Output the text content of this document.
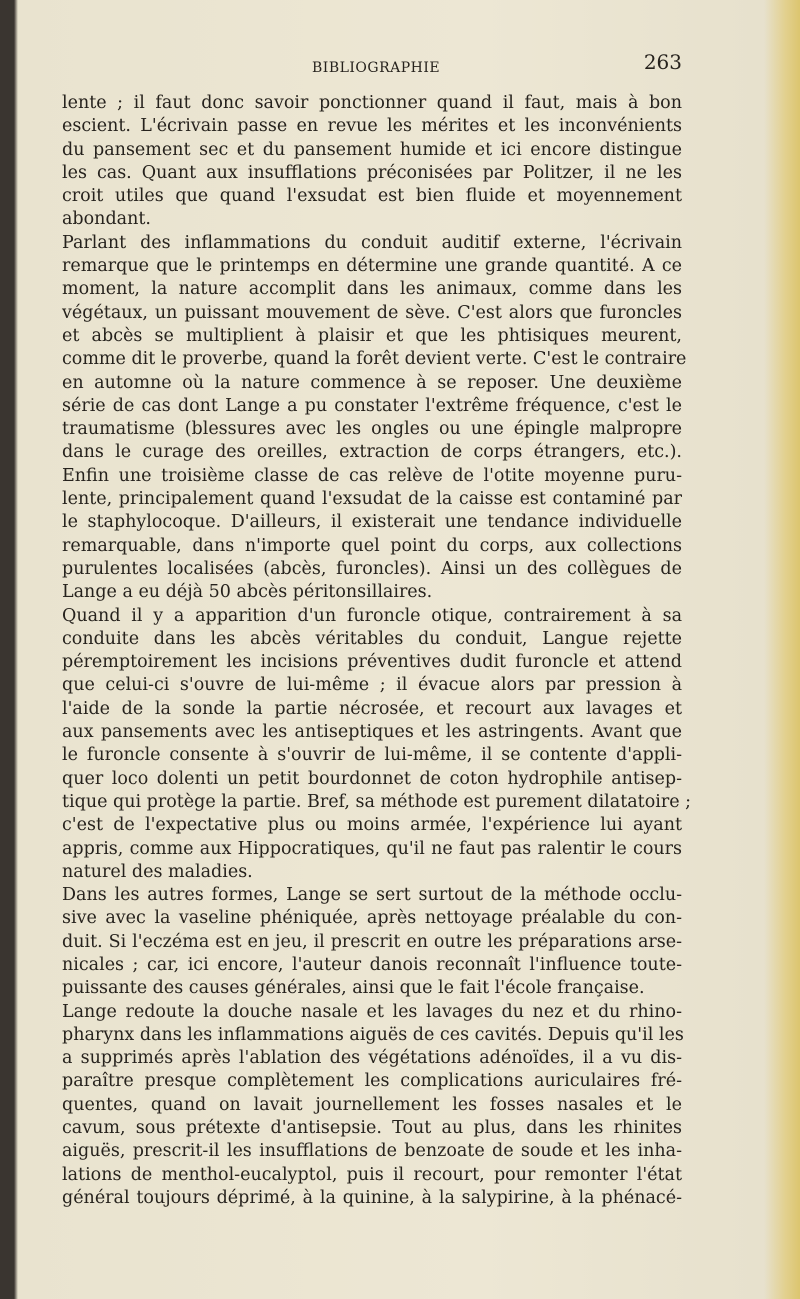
BIBLIOGRAPHIE	263
lente ; il faut donc savoir ponctionner quand il faut, mais à bon
escient. L'écrivain passe en revue les mérites et les inconvénients
du pansement sec et du pansement humide et ici encore distingue
les cas. Quant aux insufflations préconisées par Politzer, il ne les
croit utiles que quand l'exsudat est bien fluide et moyennement
abondant.
Parlant des inflammations du conduit auditif externe, l'écrivain
remarque que le printemps en détermine une grande quantité. A ce
moment, la nature accomplit dans les animaux, comme dans les
végétaux, un puissant mouvement de sève. C'est alors que furoncles
et abcès se multiplient à plaisir et que les phtisiques meurent,
comme dit le proverbe, quand la forêt devient verte. C'est le contraire
en automne où la nature commence à se reposer. Une deuxième
série de cas dont Lange a pu constater l'extrême fréquence, c'est le
traumatisme (blessures avec les ongles ou une épingle malpropre
dans le curage des oreilles, extraction de corps étrangers, etc.).
Enfin une troisième classe de cas relève de l'otite moyenne puru-
lente, principalement quand l'exsudat de la caisse est contaminé par
le staphylocoque. D'ailleurs, il existerait une tendance individuelle
remarquable, dans n'importe quel point du corps, aux collections
purulentes localisées (abcès, furoncles). Ainsi un des collègues de
Lange a eu déjà 50 abcès péritonsillaires.
Quand il y a apparition d'un furoncle otique, contrairement à sa
conduite dans les abcès véritables du conduit, Langue rejette
péremptoirement les incisions préventives dudit furoncle et attend
que celui-ci s'ouvre de lui-même ; il évacue alors par pression à
l'aide de la sonde la partie nécrosée, et recourt aux lavages et
aux pansements avec les antiseptiques et les astringents. Avant que
le furoncle consente à s'ouvrir de lui-même, il se contente d'appli-
quer loco dolenti un petit bourdonnet de coton hydrophile antisep-
tique qui protège la partie. Bref, sa méthode est purement dilatatoire ;
c'est de l'expectative plus ou moins armée, l'expérience lui ayant
appris, comme aux Hippocratiques, qu'il ne faut pas ralentir le cours
naturel des maladies.
Dans les autres formes, Lange se sert surtout de la méthode occlu-
sive avec la vaseline phéniquée, après nettoyage préalable du con-
duit. Si l'eczéma est en jeu, il prescrit en outre les préparations arse-
nicales ; car, ici encore, l'auteur danois reconnaît l'influence toute-
puissante des causes générales, ainsi que le fait l'école française.
Lange redoute la douche nasale et les lavages du nez et du rhino-
pharynx dans les inflammations aiguës de ces cavités. Depuis qu'il les
a supprimés après l'ablation des végétations adénoïdes, il a vu dis-
paraître presque complètement les complications auriculaires fré-
quentes, quand on lavait journellement les fosses nasales et le
cavum, sous prétexte d'antisepsie. Tout au plus, dans les rhinites
aiguës, prescrit-il les insufflations de benzoate de soude et les inha-
lations de menthol-eucalyptol, puis il recourt, pour remonter l'état
général toujours déprimé, à la quinine, à la salypirine, à la phénacé-
